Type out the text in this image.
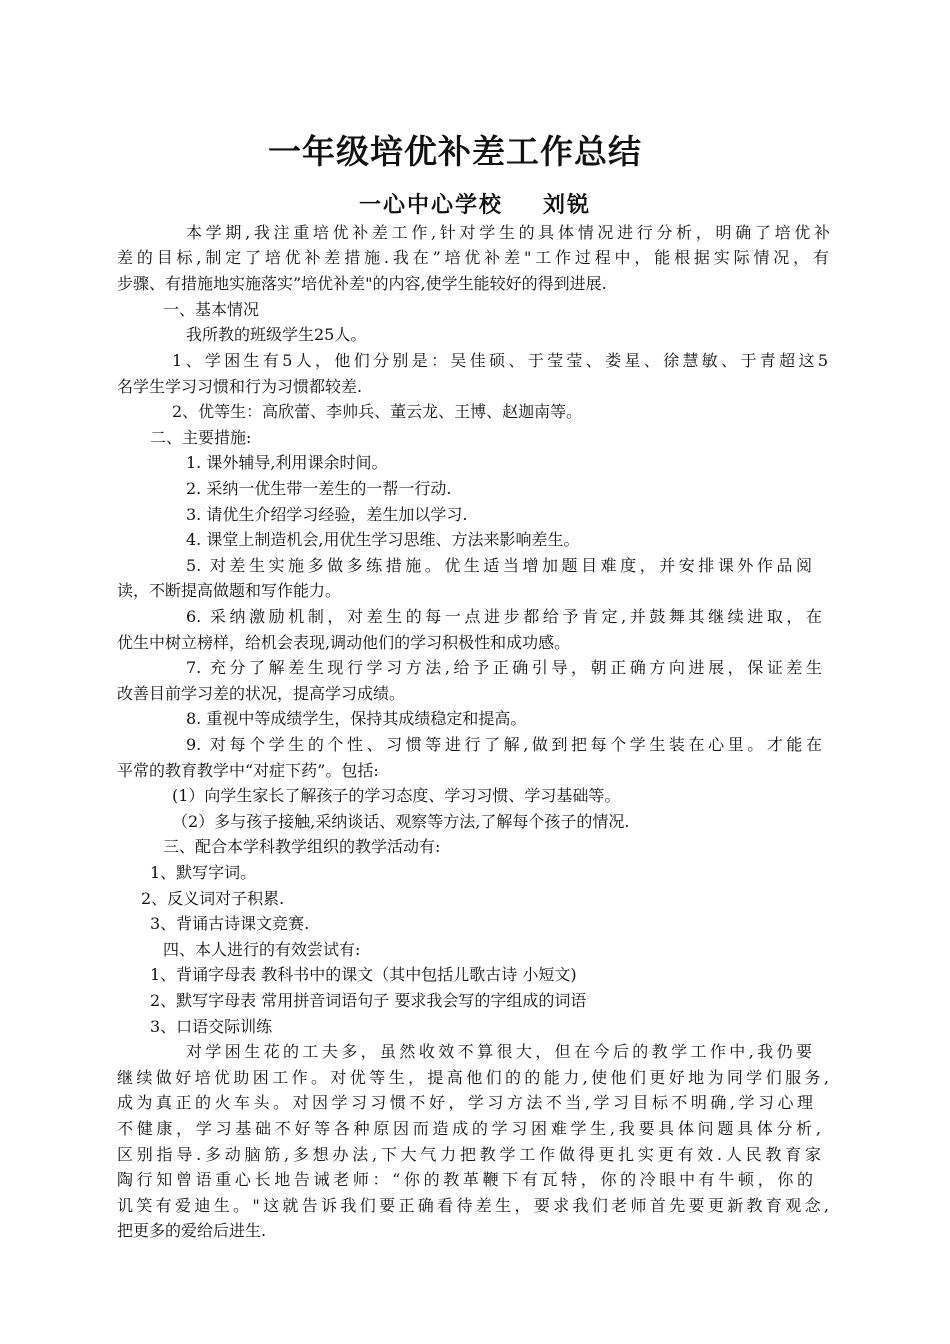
一年级培优补差工作总结
一心中心学校 刘锐
本学期,我注重培优补差工作,针对学生的具体情况进行分析，明确了培优补
差的目标,制定了培优补差措施.我在”培优补差"工作过程中，能根据实际情况，有
步骤、有措施地实施落实”培优补差"的内容,使学生能较好的得到进展.
一、基本情况
我所教的班级学生25人。
1、学困生有5人，他们分别是：吴佳硕、于莹莹、娄星、徐慧敏、于青超这5
名学生学习习惯和行为习惯都较差.
2、优等生：高欣蕾、李帅兵、董云龙、王博、赵迦南等。
二、主要措施:
1. 课外辅导,利用课余时间。
2. 采纳一优生带一差生的一帮一行动.
3. 请优生介绍学习经验，差生加以学习.
4. 课堂上制造机会,用优生学习思维、方法来影响差生。
5. 对差生实施多做多练措施。优生适当增加题目难度，并安排课外作品阅
读，不断提高做题和写作能力。
6. 采纳激励机制，对差生的每一点进步都给予肯定,并鼓舞其继续进取，在
优生中树立榜样，给机会表现,调动他们的学习积极性和成功感。
7. 充分了解差生现行学习方法,给予正确引导，朝正确方向进展，保证差生
改善目前学习差的状况，提高学习成绩。
8. 重视中等成绩学生，保持其成绩稳定和提高。
9. 对每个学生的个性、习惯等进行了解,做到把每个学生装在心里。才能在
平常的教育教学中“对症下药”。包括:
(1）向学生家长了解孩子的学习态度、学习习惯、学习基础等。
（2）多与孩子接触,采纳谈话、观察等方法,了解每个孩子的情况.
三、配合本学科教学组织的教学活动有:
1、默写字词。
2、反义词对子积累.
3、背诵古诗课文竞赛.
四、本人进行的有效尝试有:
1、背诵字母表 教科书中的课文（其中包括儿歌古诗 小短文)
2、默写字母表 常用拼音词语句子 要求我会写的字组成的词语
3、口语交际训练
对学困生花的工夫多，虽然收效不算很大，但在今后的教学工作中,我仍要
继续做好培优助困工作。对优等生，提高他们的的能力,使他们更好地为同学们服务,
成为真正的火车头。对因学习习惯不好，学习方法不当,学习目标不明确,学习心理
不健康，学习基础不好等各种原因而造成的学习困难学生,我要具体问题具体分析,
区别指导.多动脑筋,多想办法,下大气力把教学工作做得更扎实更有效.人民教育家
陶行知曾语重心长地告诫老师：“你的教革鞭下有瓦特，你的冷眼中有牛顿，你的
讥笑有爱迪生。"这就告诉我们要正确看待差生，要求我们老师首先要更新教育观念,
把更多的爱给后进生.
